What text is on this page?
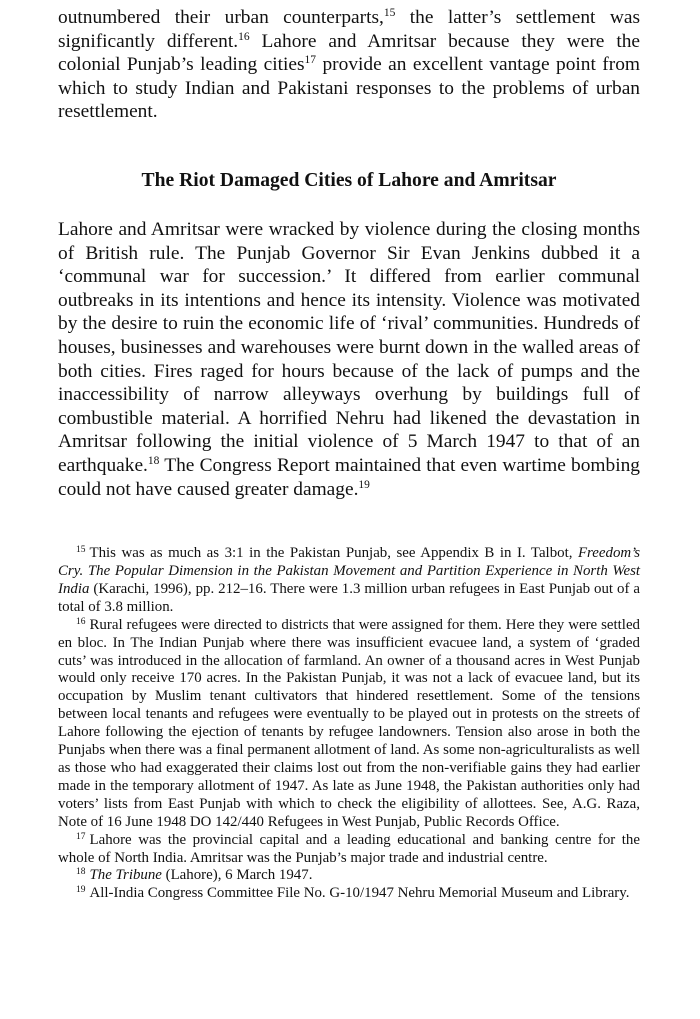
outnumbered their urban counterparts,$^{15}$ the latter’s settlement was significantly different.$^{16}$ Lahore and Amritsar because they were the colonial Punjab’s leading cities$^{17}$ provide an excellent vantage point from which to study Indian and Pakistani responses to the problems of urban resettlement.

The Riot Damaged Cities of Lahore and Amritsar

Lahore and Amritsar were wracked by violence during the closing months of British rule. The Punjab Governor Sir Evan Jenkins dubbed it a ‘communal war for succession.’ It differed from earlier communal outbreaks in its intentions and hence its intensity. Violence was motivated by the desire to ruin the economic life of ‘rival’ communities. Hundreds of houses, businesses and warehouses were burnt down in the walled areas of both cities. Fires raged for hours because of the lack of pumps and the inaccessibility of narrow alleyways overhung by buildings full of combustible material. A horrified Nehru had likened the devastation in Amritsar following the initial violence of 5 March 1947 to that of an earthquake.$^{18}$ The Congress Report maintained that even wartime bombing could not have caused greater damage.$^{19}$

$^{15}$ This was as much as 3:1 in the Pakistan Punjab, see Appendix B in I. Talbot, Freedom’s Cry. The Popular Dimension in the Pakistan Movement and Partition Experience in North West India (Karachi, 1996), pp. 212–16. There were 1.3 million urban refugees in East Punjab out of a total of 3.8 million.

$^{16}$ Rural refugees were directed to districts that were assigned for them. Here they were settled en bloc. In The Indian Punjab where there was insufficient evacuee land, a system of ‘graded cuts’ was introduced in the allocation of farmland. An owner of a thousand acres in West Punjab would only receive 170 acres. In the Pakistan Punjab, it was not a lack of evacuee land, but its occupation by Muslim tenant cultivators that hindered resettlement. Some of the tensions between local tenants and refugees were eventually to be played out in protests on the streets of Lahore following the ejection of tenants by refugee landowners. Tension also arose in both the Punjabs when there was a final permanent allotment of land. As some non-agriculturalists as well as those who had exaggerated their claims lost out from the non-verifiable gains they had earlier made in the temporary allotment of 1947. As late as June 1948, the Pakistan authorities only had voters’ lists from East Punjab with which to check the eligibility of allottees. See, A.G. Raza, Note of 16 June 1948 DO 142/440 Refugees in West Punjab, Public Records Office.

$^{17}$ Lahore was the provincial capital and a leading educational and banking centre for the whole of North India. Amritsar was the Punjab’s major trade and industrial centre.

$^{18}$ The Tribune (Lahore), 6 March 1947.

$^{19}$ All-India Congress Committee File No. G-10/1947 Nehru Memorial Museum and Library.
